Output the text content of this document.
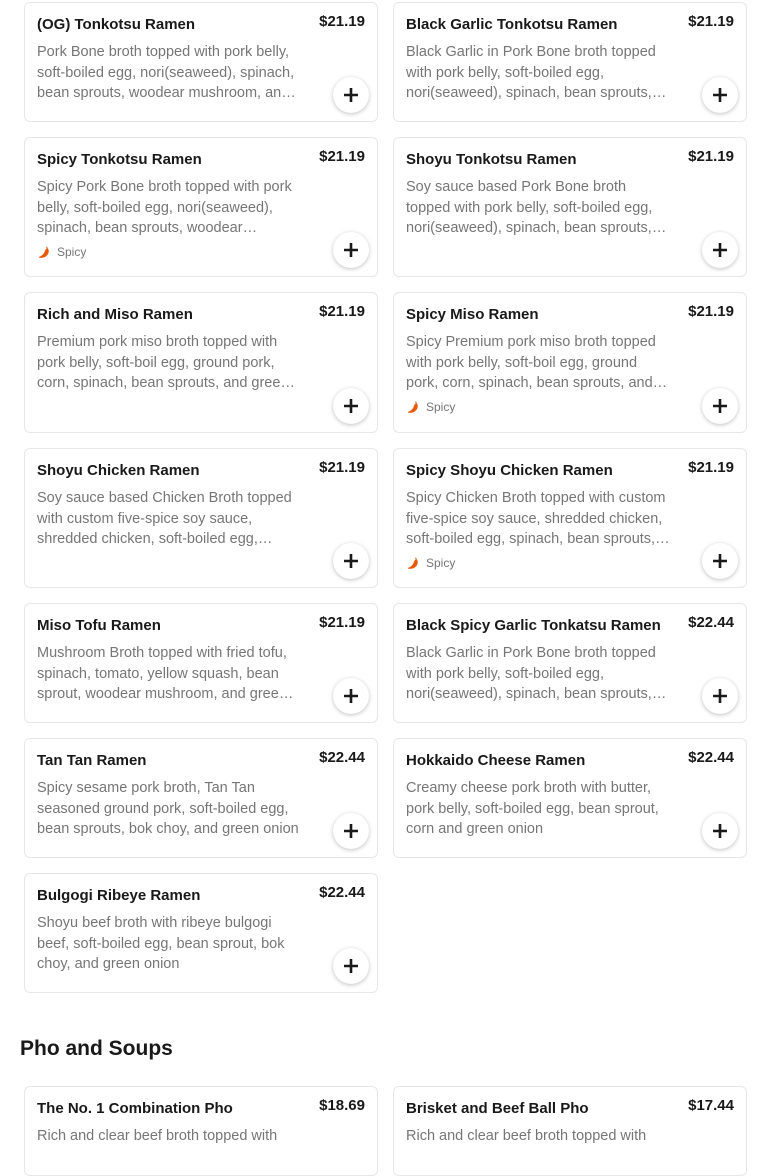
(OG) Tonkotsu Ramen	$21.19
Pork Bone broth topped with pork belly, soft-boiled egg, nori(seaweed), spinach, bean sprouts, woodear mushroom, and
Black Garlic Tonkotsu Ramen	$21.19
Black Garlic in Pork Bone broth topped with pork belly, soft-boiled egg, nori(seaweed), spinach, bean sprouts,
Spicy Tonkotsu Ramen	$21.19
Spicy Pork Bone broth topped with pork belly, soft-boiled egg, nori(seaweed), spinach, bean sprouts, woodear
Spicy
Shoyu Tonkotsu Ramen	$21.19
Soy sauce based Pork Bone broth topped with pork belly, soft-boiled egg, nori(seaweed), spinach, bean sprouts,
Rich and Miso Ramen	$21.19
Premium pork miso broth topped with pork belly, soft-boil egg, ground pork, corn, spinach, bean sprouts, and green
Spicy Miso Ramen	$21.19
Spicy Premium pork miso broth topped with pork belly, soft-boil egg, ground pork, corn, spinach, bean sprouts, and
Spicy
Shoyu Chicken Ramen	$21.19
Soy sauce based Chicken Broth topped with custom five-spice soy sauce, shredded chicken, soft-boiled egg,
Spicy Shoyu Chicken Ramen	$21.19
Spicy Chicken Broth topped with custom five-spice soy sauce, shredded chicken, soft-boiled egg, spinach, bean sprouts,
Spicy
Miso Tofu Ramen	$21.19
Mushroom Broth topped with fried tofu, spinach, tomato, yellow squash, bean sprout, woodear mushroom, and green
Black Spicy Garlic Tonkatsu Ramen	$22.44
Black Garlic in Pork Bone broth topped with pork belly, soft-boiled egg, nori(seaweed), spinach, bean sprouts,
Tan Tan Ramen	$22.44
Spicy sesame pork broth, Tan Tan seasoned ground pork, soft-boiled egg, bean sprouts, bok choy, and green onion
Hokkaido Cheese Ramen	$22.44
Creamy cheese pork broth with butter, pork belly, soft-boiled egg, bean sprout, corn and green onion
Bulgogi Ribeye Ramen	$22.44
Shoyu beef broth with ribeye bulgogi beef, soft-boiled egg, bean sprout, bok choy, and green onion
Pho and Soups
The No. 1 Combination Pho	$18.69
Rich and clear beef broth topped with
Brisket and Beef Ball Pho	$17.44
Rich and clear beef broth topped with
